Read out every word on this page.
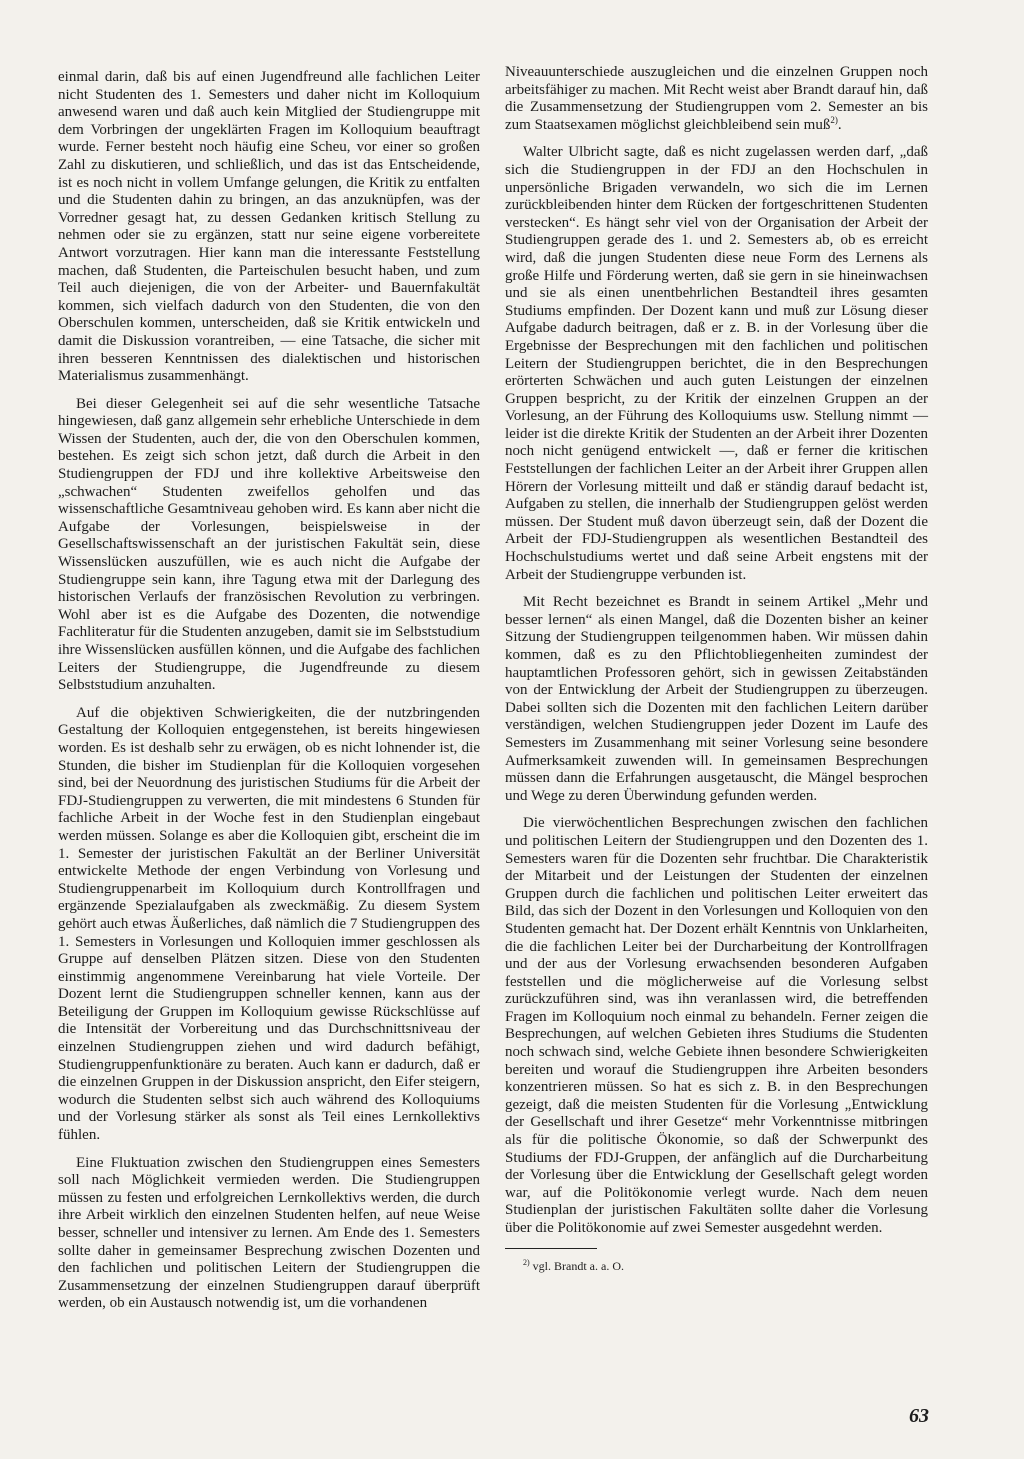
einmal darin, daß bis auf einen Jugendfreund alle fachlichen Leiter nicht Studenten des 1. Semesters und daher nicht im Kolloquium anwesend waren und daß auch kein Mitglied der Studiengruppe mit dem Vorbringen der ungeklärten Fragen im Kolloquium beauftragt wurde. Ferner besteht noch häufig eine Scheu, vor einer so großen Zahl zu diskutieren, und schließlich, und das ist das Entscheidende, ist es noch nicht in vollem Umfange gelungen, die Kritik zu entfalten und die Studenten dahin zu bringen, an das anzuknüpfen, was der Vorredner gesagt hat, zu dessen Gedanken kritisch Stellung zu nehmen oder sie zu ergänzen, statt nur seine eigene vorbereitete Antwort vorzutragen. Hier kann man die interessante Feststellung machen, daß Studenten, die Parteischulen besucht haben, und zum Teil auch diejenigen, die von der Arbeiter- und Bauernfakultät kommen, sich vielfach dadurch von den Studenten, die von den Oberschulen kommen, unterscheiden, daß sie Kritik entwickeln und damit die Diskussion vorantreiben, — eine Tatsache, die sicher mit ihren besseren Kenntnissen des dialektischen und historischen Materialismus zusammenhängt.

Bei dieser Gelegenheit sei auf die sehr wesentliche Tatsache hingewiesen, daß ganz allgemein sehr erhebliche Unterschiede in dem Wissen der Studenten, auch der, die von den Oberschulen kommen, bestehen. Es zeigt sich schon jetzt, daß durch die Arbeit in den Studiengruppen der FDJ und ihre kollektive Arbeitsweise den „schwachen“ Studenten zweifellos geholfen und das wissenschaftliche Gesamtniveau gehoben wird. Es kann aber nicht die Aufgabe der Vorlesungen, beispielsweise in der Gesellschaftswissenschaft an der juristischen Fakultät sein, diese Wissenslücken auszufüllen, wie es auch nicht die Aufgabe der Studiengruppe sein kann, ihre Tagung etwa mit der Darlegung des historischen Verlaufs der französischen Revolution zu verbringen. Wohl aber ist es die Aufgabe des Dozenten, die notwendige Fachliteratur für die Studenten anzugeben, damit sie im Selbststudium ihre Wissenslücken ausfüllen können, und die Aufgabe des fachlichen Leiters der Studiengruppe, die Jugendfreunde zu diesem Selbststudium anzuhalten.

Auf die objektiven Schwierigkeiten, die der nutzbringenden Gestaltung der Kolloquien entgegenstehen, ist bereits hingewiesen worden. Es ist deshalb sehr zu erwägen, ob es nicht lohnender ist, die Stunden, die bisher im Studienplan für die Kolloquien vorgesehen sind, bei der Neuordnung des juristischen Studiums für die Arbeit der FDJ-Studiengruppen zu verwerten, die mit mindestens 6 Stunden für fachliche Arbeit in der Woche fest in den Studienplan eingebaut werden müssen. Solange es aber die Kolloquien gibt, erscheint die im 1. Semester der juristischen Fakultät an der Berliner Universität entwickelte Methode der engen Verbindung von Vorlesung und Studiengruppenarbeit im Kolloquium durch Kontrollfragen und ergänzende Spezialaufgaben als zweckmäßig. Zu diesem System gehört auch etwas Äußerliches, daß nämlich die 7 Studiengruppen des 1. Semesters in Vorlesungen und Kolloquien immer geschlossen als Gruppe auf denselben Plätzen sitzen. Diese von den Studenten einstimmig angenommene Vereinbarung hat viele Vorteile. Der Dozent lernt die Studiengruppen schneller kennen, kann aus der Beteiligung der Gruppen im Kolloquium gewisse Rückschlüsse auf die Intensität der Vorbereitung und das Durchschnittsniveau der einzelnen Studiengruppen ziehen und wird dadurch befähigt, Studiengruppenfunktionäre zu beraten. Auch kann er dadurch, daß er die einzelnen Gruppen in der Diskussion anspricht, den Eifer steigern, wodurch die Studenten selbst sich auch während des Kolloquiums und der Vorlesung stärker als sonst als Teil eines Lernkollektivs fühlen.

Eine Fluktuation zwischen den Studiengruppen eines Semesters soll nach Möglichkeit vermieden werden. Die Studiengruppen müssen zu festen und erfolgreichen Lernkollektivs werden, die durch ihre Arbeit wirklich den einzelnen Studenten helfen, auf neue Weise besser, schneller und intensiver zu lernen. Am Ende des 1. Semesters sollte daher in gemeinsamer Besprechung zwischen Dozenten und den fachlichen und politischen Leitern der Studiengruppen die Zusammensetzung der einzelnen Studiengruppen darauf überprüft werden, ob ein Austausch notwendig ist, um die vorhandenen

Niveauunterschiede auszugleichen und die einzelnen Gruppen noch arbeitsfähiger zu machen. Mit Recht weist aber Brandt darauf hin, daß die Zusammensetzung der Studiengruppen vom 2. Semester an bis zum Staatsexamen möglichst gleichbleibend sein muß$^{2)}$.

Walter Ulbricht sagte, daß es nicht zugelassen werden darf, „daß sich die Studiengruppen in der FDJ an den Hochschulen in unpersönliche Brigaden verwandeln, wo sich die im Lernen zurückbleibenden hinter dem Rücken der fortgeschrittenen Studenten verstecken“. Es hängt sehr viel von der Organisation der Arbeit der Studiengruppen gerade des 1. und 2. Semesters ab, ob es erreicht wird, daß die jungen Studenten diese neue Form des Lernens als große Hilfe und Förderung werten, daß sie gern in sie hineinwachsen und sie als einen unentbehrlichen Bestandteil ihres gesamten Studiums empfinden. Der Dozent kann und muß zur Lösung dieser Aufgabe dadurch beitragen, daß er z. B. in der Vorlesung über die Ergebnisse der Besprechungen mit den fachlichen und politischen Leitern der Studiengruppen berichtet, die in den Besprechungen erörterten Schwächen und auch guten Leistungen der einzelnen Gruppen bespricht, zu der Kritik der einzelnen Gruppen an der Vorlesung, an der Führung des Kolloquiums usw. Stellung nimmt — leider ist die direkte Kritik der Studenten an der Arbeit ihrer Dozenten noch nicht genügend entwickelt —, daß er ferner die kritischen Feststellungen der fachlichen Leiter an der Arbeit ihrer Gruppen allen Hörern der Vorlesung mitteilt und daß er ständig darauf bedacht ist, Aufgaben zu stellen, die innerhalb der Studiengruppen gelöst werden müssen. Der Student muß davon überzeugt sein, daß der Dozent die Arbeit der FDJ-Studiengruppen als wesentlichen Bestandteil des Hochschulstudiums wertet und daß seine Arbeit engstens mit der Arbeit der Studiengruppe verbunden ist.

Mit Recht bezeichnet es Brandt in seinem Artikel „Mehr und besser lernen“ als einen Mangel, daß die Dozenten bisher an keiner Sitzung der Studiengruppen teilgenommen haben. Wir müssen dahin kommen, daß es zu den Pflichtobliegenheiten zumindest der hauptamtlichen Professoren gehört, sich in gewissen Zeitabständen von der Entwicklung der Arbeit der Studiengruppen zu überzeugen. Dabei sollten sich die Dozenten mit den fachlichen Leitern darüber verständigen, welchen Studiengruppen jeder Dozent im Laufe des Semesters im Zusammenhang mit seiner Vorlesung seine besondere Aufmerksamkeit zuwenden will. In gemeinsamen Besprechungen müssen dann die Erfahrungen ausgetauscht, die Mängel besprochen und Wege zu deren Überwindung gefunden werden.

Die vierwöchentlichen Besprechungen zwischen den fachlichen und politischen Leitern der Studiengruppen und den Dozenten des 1. Semesters waren für die Dozenten sehr fruchtbar. Die Charakteristik der Mitarbeit und der Leistungen der Studenten der einzelnen Gruppen durch die fachlichen und politischen Leiter erweitert das Bild, das sich der Dozent in den Vorlesungen und Kolloquien von den Studenten gemacht hat. Der Dozent erhält Kenntnis von Unklarheiten, die die fachlichen Leiter bei der Durcharbeitung der Kontrollfragen und der aus der Vorlesung erwachsenden besonderen Aufgaben feststellen und die möglicherweise auf die Vorlesung selbst zurückzuführen sind, was ihn veranlassen wird, die betreffenden Fragen im Kolloquium noch einmal zu behandeln. Ferner zeigen die Besprechungen, auf welchen Gebieten ihres Studiums die Studenten noch schwach sind, welche Gebiete ihnen besondere Schwierigkeiten bereiten und worauf die Studiengruppen ihre Arbeiten besonders konzentrieren müssen. So hat es sich z. B. in den Besprechungen gezeigt, daß die meisten Studenten für die Vorlesung „Entwicklung der Gesellschaft und ihrer Gesetze“ mehr Vorkenntnisse mitbringen als für die politische Ökonomie, so daß der Schwerpunkt des Studiums der FDJ-Gruppen, der anfänglich auf die Durcharbeitung der Vorlesung über die Entwicklung der Gesellschaft gelegt worden war, auf die Politökonomie verlegt wurde. Nach dem neuen Studienplan der juristischen Fakultäten sollte daher die Vorlesung über die Politökonomie auf zwei Semester ausgedehnt werden.

$^{2)}$ vgl. Brandt a. a. O.

63
